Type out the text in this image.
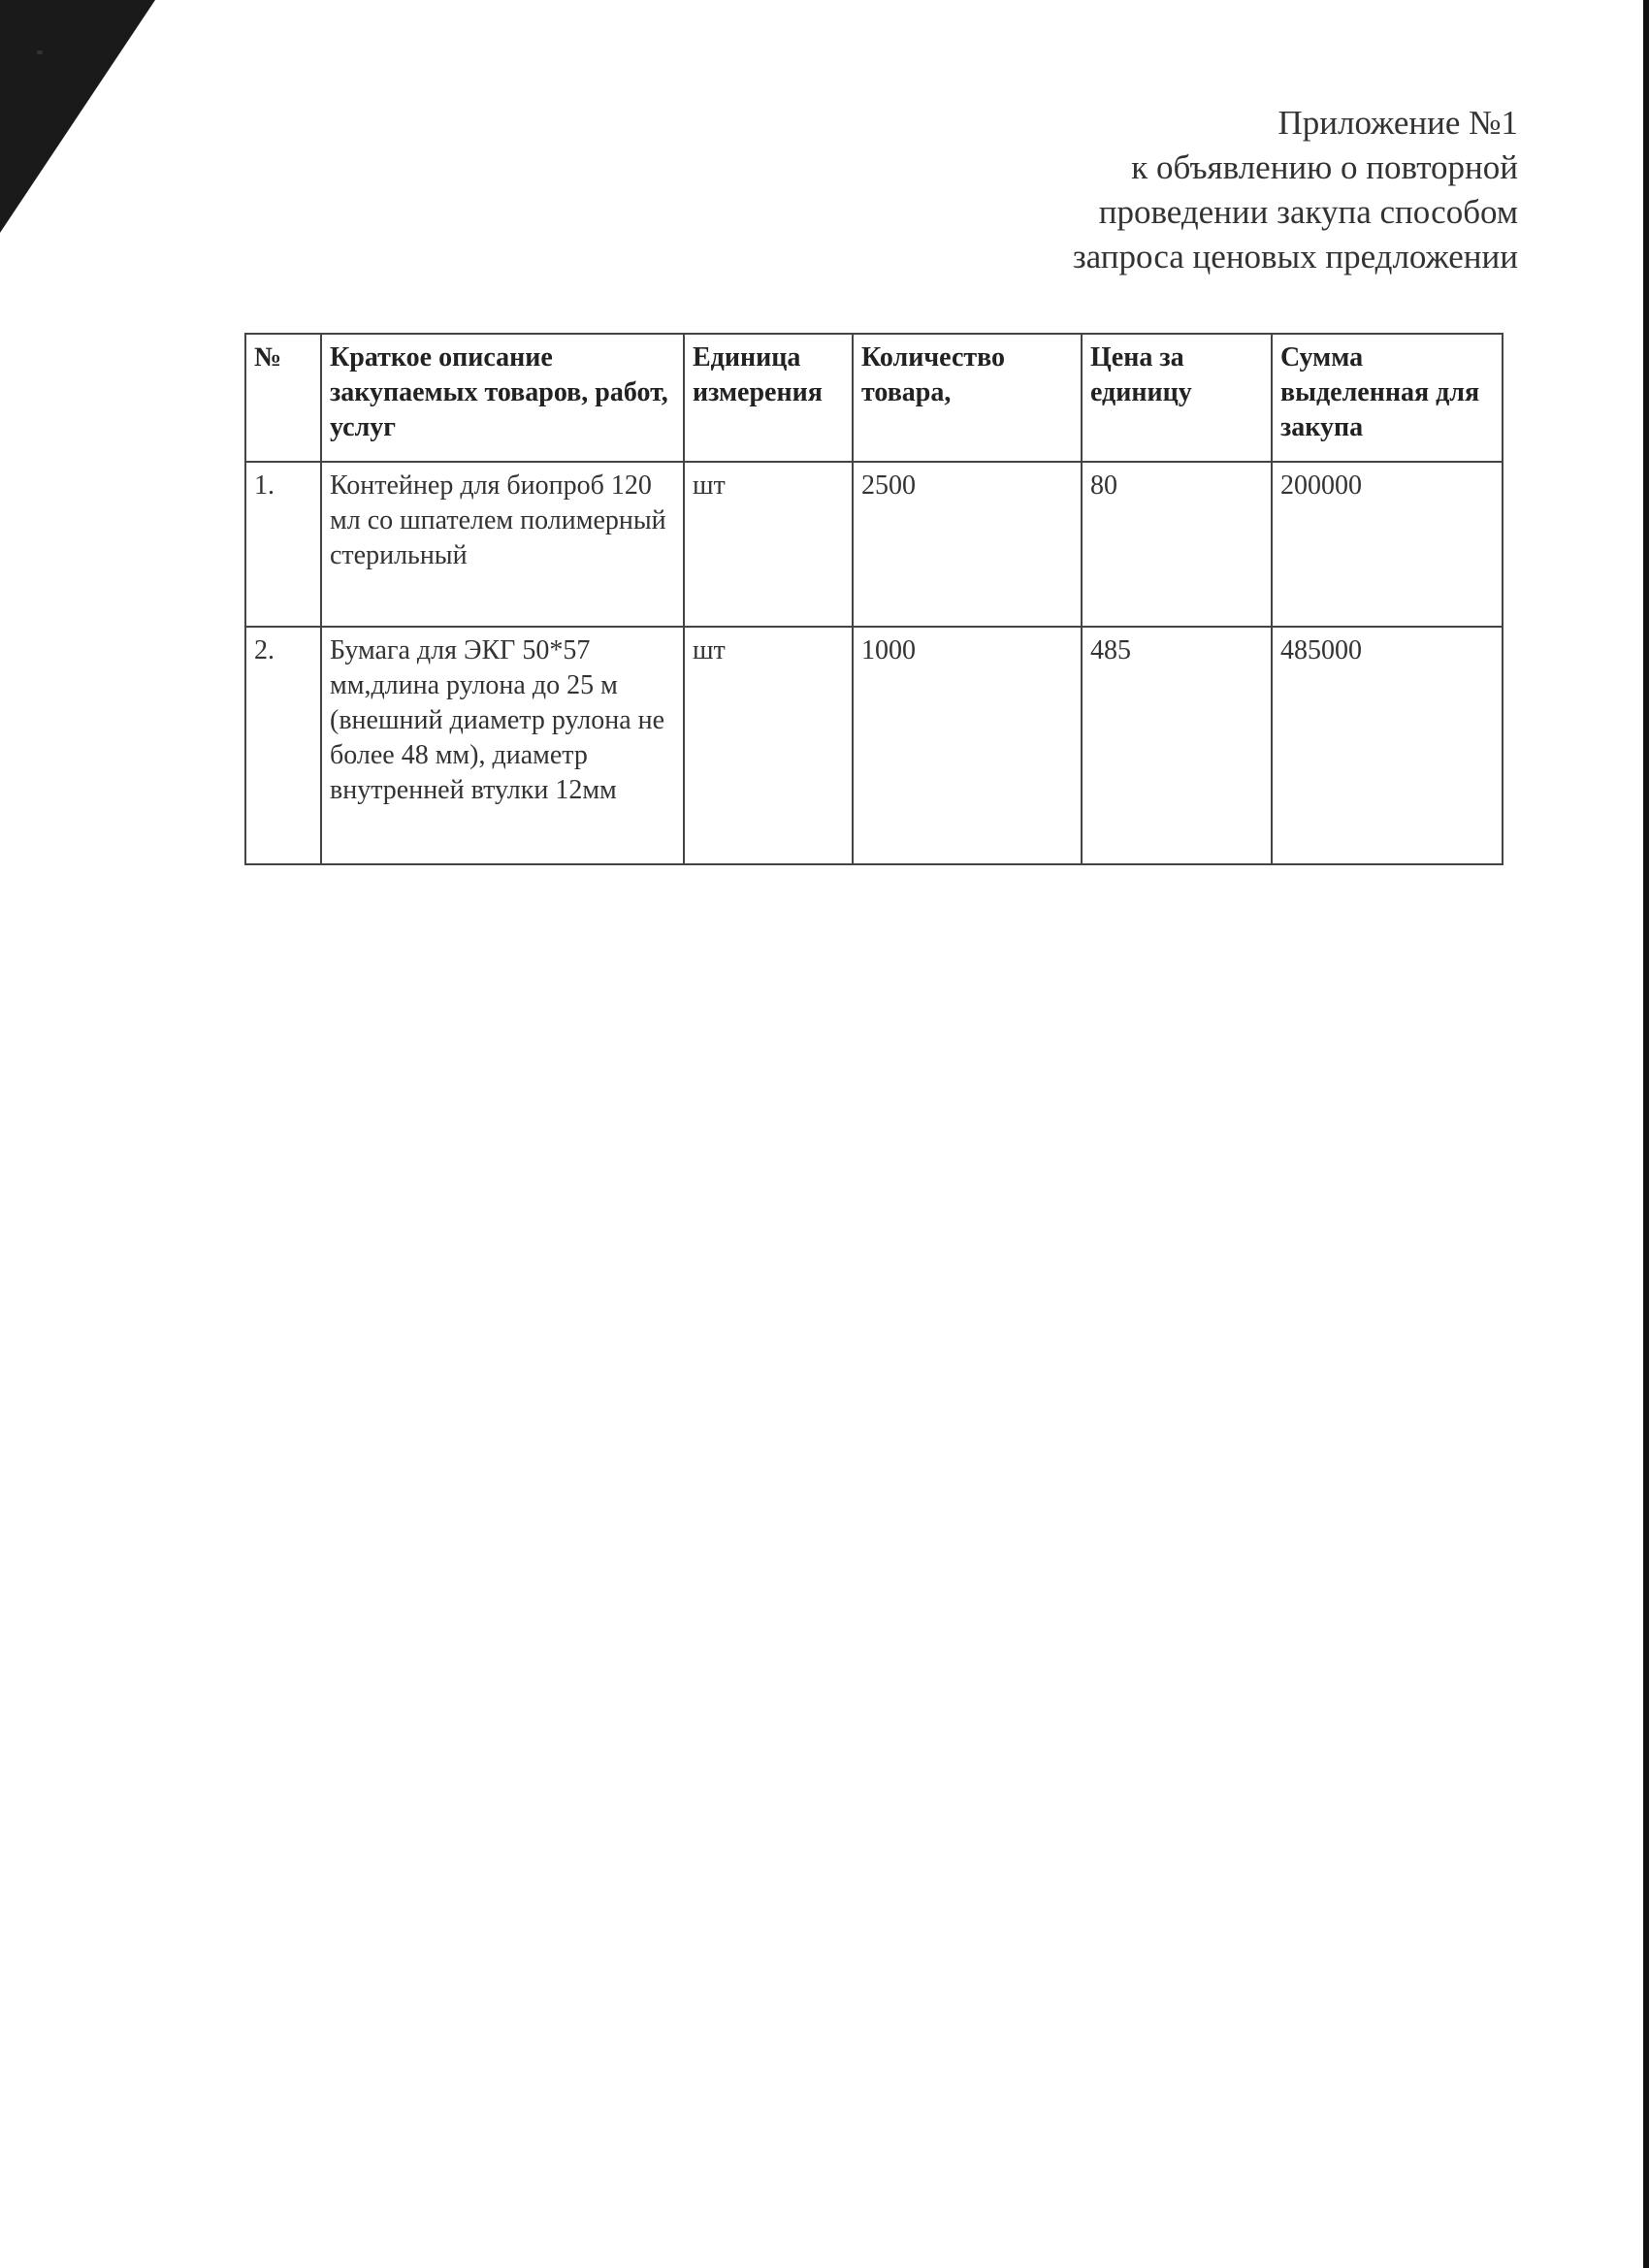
Приложение №1
к объявлению о повторной
проведении закупа способом
запроса ценовых предложении
№	Краткое описание закупаемых товаров, работ, услуг	Единица измерения	Количество товара,	Цена за единицу	Сумма выделенная для закупа
1.	Контейнер для биопроб 120 мл со шпателем полимерный стерильный	шт	2500	80	200000
2.	Бумага для ЭКГ 50*57 мм,длина рулона до 25 м (внешний диаметр рулона не более 48 мм), диаметр внутренней втулки 12мм	шт	1000	485	485000
